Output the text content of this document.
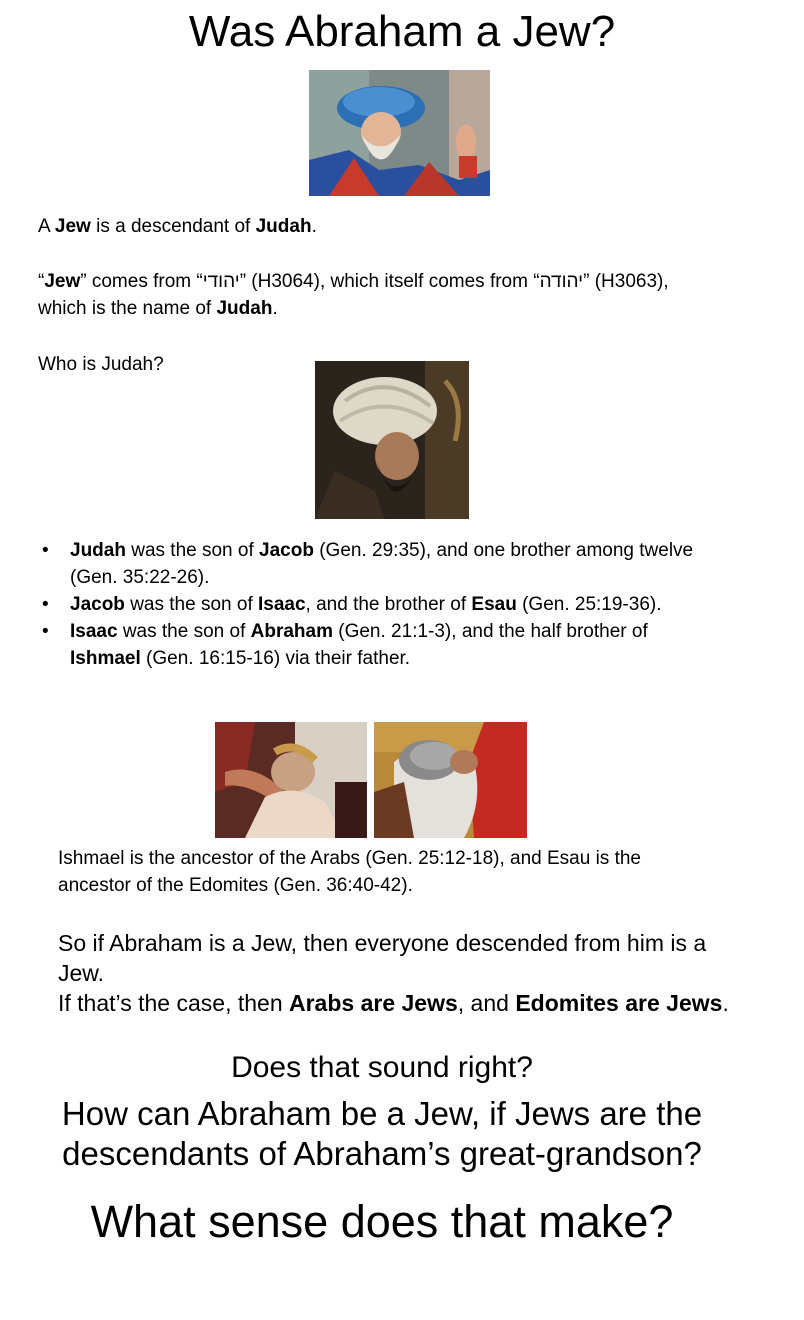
Was Abraham a Jew?
A Jew is a descendant of Judah.
“Jew” comes from “יהודי” (H3064), which itself comes from “יהודה” (H3063),
which is the name of Judah.
Who is Judah?
• Judah was the son of Jacob (Gen. 29:35), and one brother among twelve
(Gen. 35:22-26).
• Jacob was the son of Isaac, and the brother of Esau (Gen. 25:19-36).
• Isaac was the son of Abraham (Gen. 21:1-3), and the half brother of
Ishmael (Gen. 16:15-16) via their father.
Ishmael is the ancestor of the Arabs (Gen. 25:12-18), and Esau is the
ancestor of the Edomites (Gen. 36:40-42).
So if Abraham is a Jew, then everyone descended from him is a
Jew.
If that’s the case, then Arabs are Jews, and Edomites are Jews.
Does that sound right?
How can Abraham be a Jew, if Jews are the
descendants of Abraham’s great-grandson?
What sense does that make?
